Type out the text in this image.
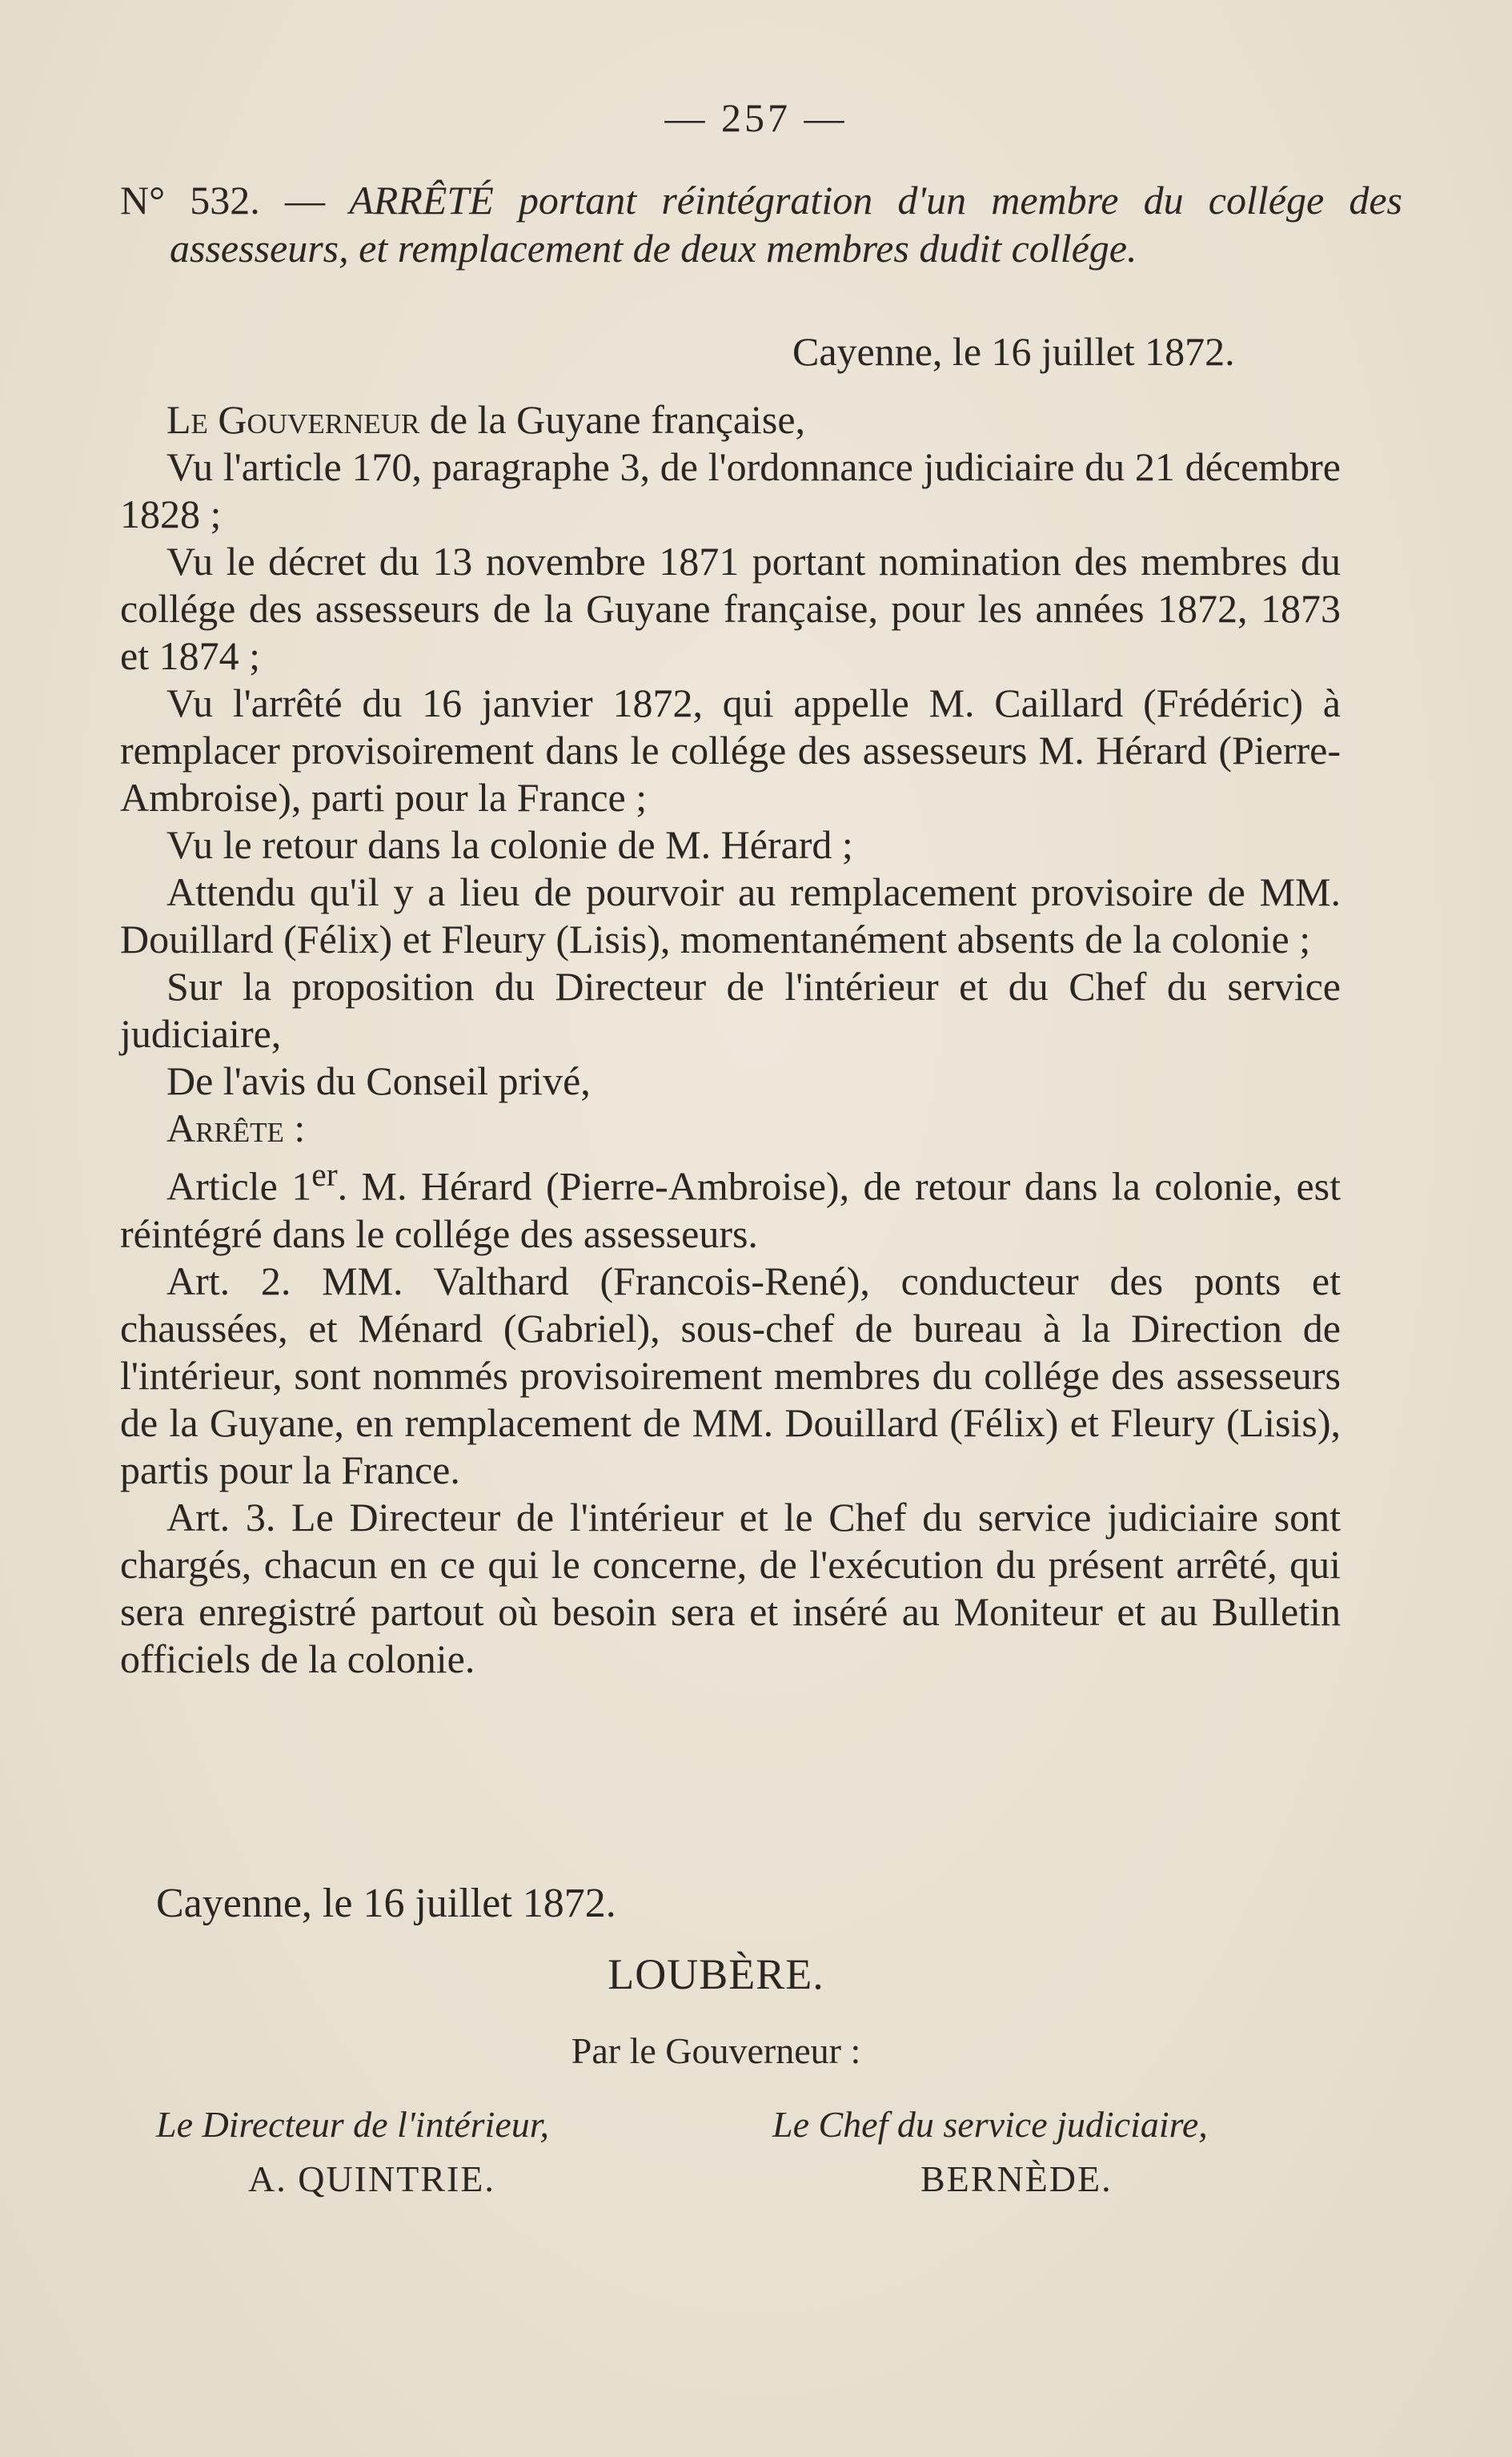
— 257 —
N° 532. — ARRÊTÉ portant réintégration d'un membre du collége des assesseurs, et remplacement de deux membres dudit collége.
Cayenne, le 16 juillet 1872.

Le Gouverneur de la Guyane française,

Vu l'article 170, paragraphe 3, de l'ordonnance judiciaire du 21 décembre 1828 ;

Vu le décret du 13 novembre 1871 portant nomination des membres du collége des assesseurs de la Guyane française, pour les années 1872, 1873 et 1874 ;

Vu l'arrêté du 16 janvier 1872, qui appelle M. Caillard (Frédéric) à remplacer provisoirement dans le collége des assesseurs M. Hérard (Pierre-Ambroise), parti pour la France ;

Vu le retour dans la colonie de M. Hérard ;

Attendu qu'il y a lieu de pourvoir au remplacement provisoire de MM. Douillard (Félix) et Fleury (Lisis), momentanément absents de la colonie ;

Sur la proposition du Directeur de l'intérieur et du Chef du service judiciaire,

De l'avis du Conseil privé,

Arrête :

Article 1er. M. Hérard (Pierre-Ambroise), de retour dans la colonie, est réintégré dans le collége des assesseurs.

Art. 2. MM. Valthard (Francois-René), conducteur des ponts et chaussées, et Ménard (Gabriel), sous-chef de bureau à la Direction de l'intérieur, sont nommés provisoirement membres du collége des assesseurs de la Guyane, en remplacement de MM. Douillard (Félix) et Fleury (Lisis), partis pour la France.

Art. 3. Le Directeur de l'intérieur et le Chef du service judiciaire sont chargés, chacun en ce qui le concerne, de l'exécution du présent arrêté, qui sera enregistré partout où besoin sera et inséré au Moniteur et au Bulletin officiels de la colonie.

Cayenne, le 16 juillet 1872.
LOUBÈRE.
Par le Gouverneur :
Le Directeur de l'intérieur,
A. QUINTRIE.
Le Chef du service judiciaire,
BERNÈDE.
